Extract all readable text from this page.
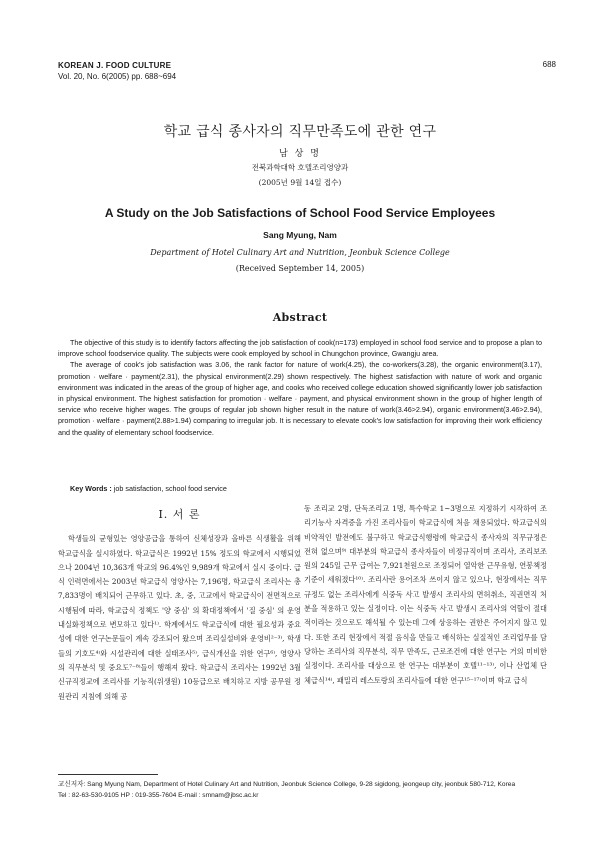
KOREAN J. FOOD CULTURE
Vol. 20, No. 6(2005) pp. 688~694
688
학교 급식 종사자의 직무만족도에 관한 연구
남 상 명
전북과학대학 호텔조리영양과
(2005년 9월 14일 접수)
A Study on the Job Satisfactions of School Food Service Employees
Sang Myung, Nam
Department of Hotel Culinary Art and Nutrition, Jeonbuk Science College
(Received September 14, 2005)
Abstract

The objective of this study is to identify factors affecting the job satisfaction of cook(n=173) employed in school food service and to propose a plan to improve school foodservice quality. The subjects were cook employed by school in Chungchon province, Gwangju area.

The average of cook's job satisfaction was 3.06, the rank factor for nature of work(4.25), the co-workers(3.28), the organic environment(3.17), promotion · welfare · payment(2.31), the physical environment(2.29) shown respectively. The highest satisfaction with nature of work and organic environment was indicated in the areas of the group of higher age, and cooks who received college education showed significantly lower job satisfaction in physical environment. The highest satisfaction for promotion · welfare · payment, and physical environment shown in the group of higher length of service who receive higher wages. The groups of regular job shown higher result in the nature of work(3.46>2.94), organic environment(3.46>2.94), promotion · welfare · payment(2.88>1.94) comparing to irregular job. It is necessary to elevate cook's low satisfaction for improving their work efficiency and the quality of elementary school foodservice.

Key Words : job satisfaction, school food service
I. 서 론

학생들의 균형있는 영양공급을 통하여 신체성장과 올바른 식생활을 위해 학교급식을 실시하였다. 학교급식은 1992년 15% 정도의 학교에서 시행되었으나 2004년 10,363개 학교의 96.4%인 9,989개 학교에서 실시 중이다. 급식 인력면에서는 2003년 학교급식 영양사는 7,196명, 학교급식 조리사는 총 7,833명이 배치되어 근무하고 있다. 초, 중, 고교에서 학교급식이 전면적으로 시행됨에 따라, 학교급식 정책도 '양 중심' 의 확대정책에서 '질 중심' 의 운영 내실화정책으로 변모하고 있다¹⁾. 학계에서도 학교급식에 대한 필요성과 중요성에 대한 연구논문들이 계속 강조되어 왔으며 조리실설비와 운영비²⁻³⁾, 학생들의 기호도⁴⁾와 시설관리에 대한 실태조사⁵⁾, 급식개선을 위한 연구⁶⁾, 영양사의 직무분석 및 중요도⁷⁻⁸⁾들이 행해져 왔다. 학교급식 조리사는 1992년 3월 신규직정교에 조리사를 기능직(위생원) 10등급으로 배치하고 지방 공무원 정원관리 지침에 의해 공

동 조리교 2명, 단독조리교 1명, 특수학교 1~3명으로 지정하기 시작하여 조리기능사 자격증을 가진 조리사들이 학교급식에 처음 채용되었다. 학교급식의 비약적인 발전에도 불구하고 학교급식행령에 학교급식 종사자의 직무규정은 전혀 없으며⁹⁾ 대부분의 학교급식 종사자들이 비정규직이며 조리사, 조리보조원의 245일 근무 급여는 7,921천원으로 조정되어 열악한 근무유형, 연봉책정 기준이 세워졌다¹⁰⁾. 조리사란 용어조차 쓰이지 않고 있으나, 현장에서는 직무규정도 없는 조리사에게 식중독 사고 발생시 조리사의 면허취소, 직권면직 처분을 적용하고 있는 실정이다. 이는 식중독 사고 발생시 조리사의 역할이 절대적이라는 것으로도 해석될 수 있는데 그에 상응하는 권한은 주어지지 않고 있다. 또한 조리 현장에서 적절 음식을 만들고 배식하는 실질적인 조리업무를 담당하는 조리사의 직무분석, 직무 만족도, 근로조건에 대한 연구는 거의 미비한 실정이다. 조리사를 대상으로 한 연구는 대부분이 호텔¹¹⁻¹³⁾, 이나 산업체 단체급식¹⁴⁾, 패밀리 레스토랑의 조리사들에 대한 연구¹⁵⁻¹⁷⁾이며 학교 급식

교신저자: Sang Myung Nam, Department of Hotel Culinary Art and Nutrition, Jeonbuk Science College, 9-28 sigidong, jeongeup city, jeonbuk 580-712, Korea
Tel : 82-63-530-9105 HP : 019-355-7604 E-mail : smnam@jbsc.ac.kr
